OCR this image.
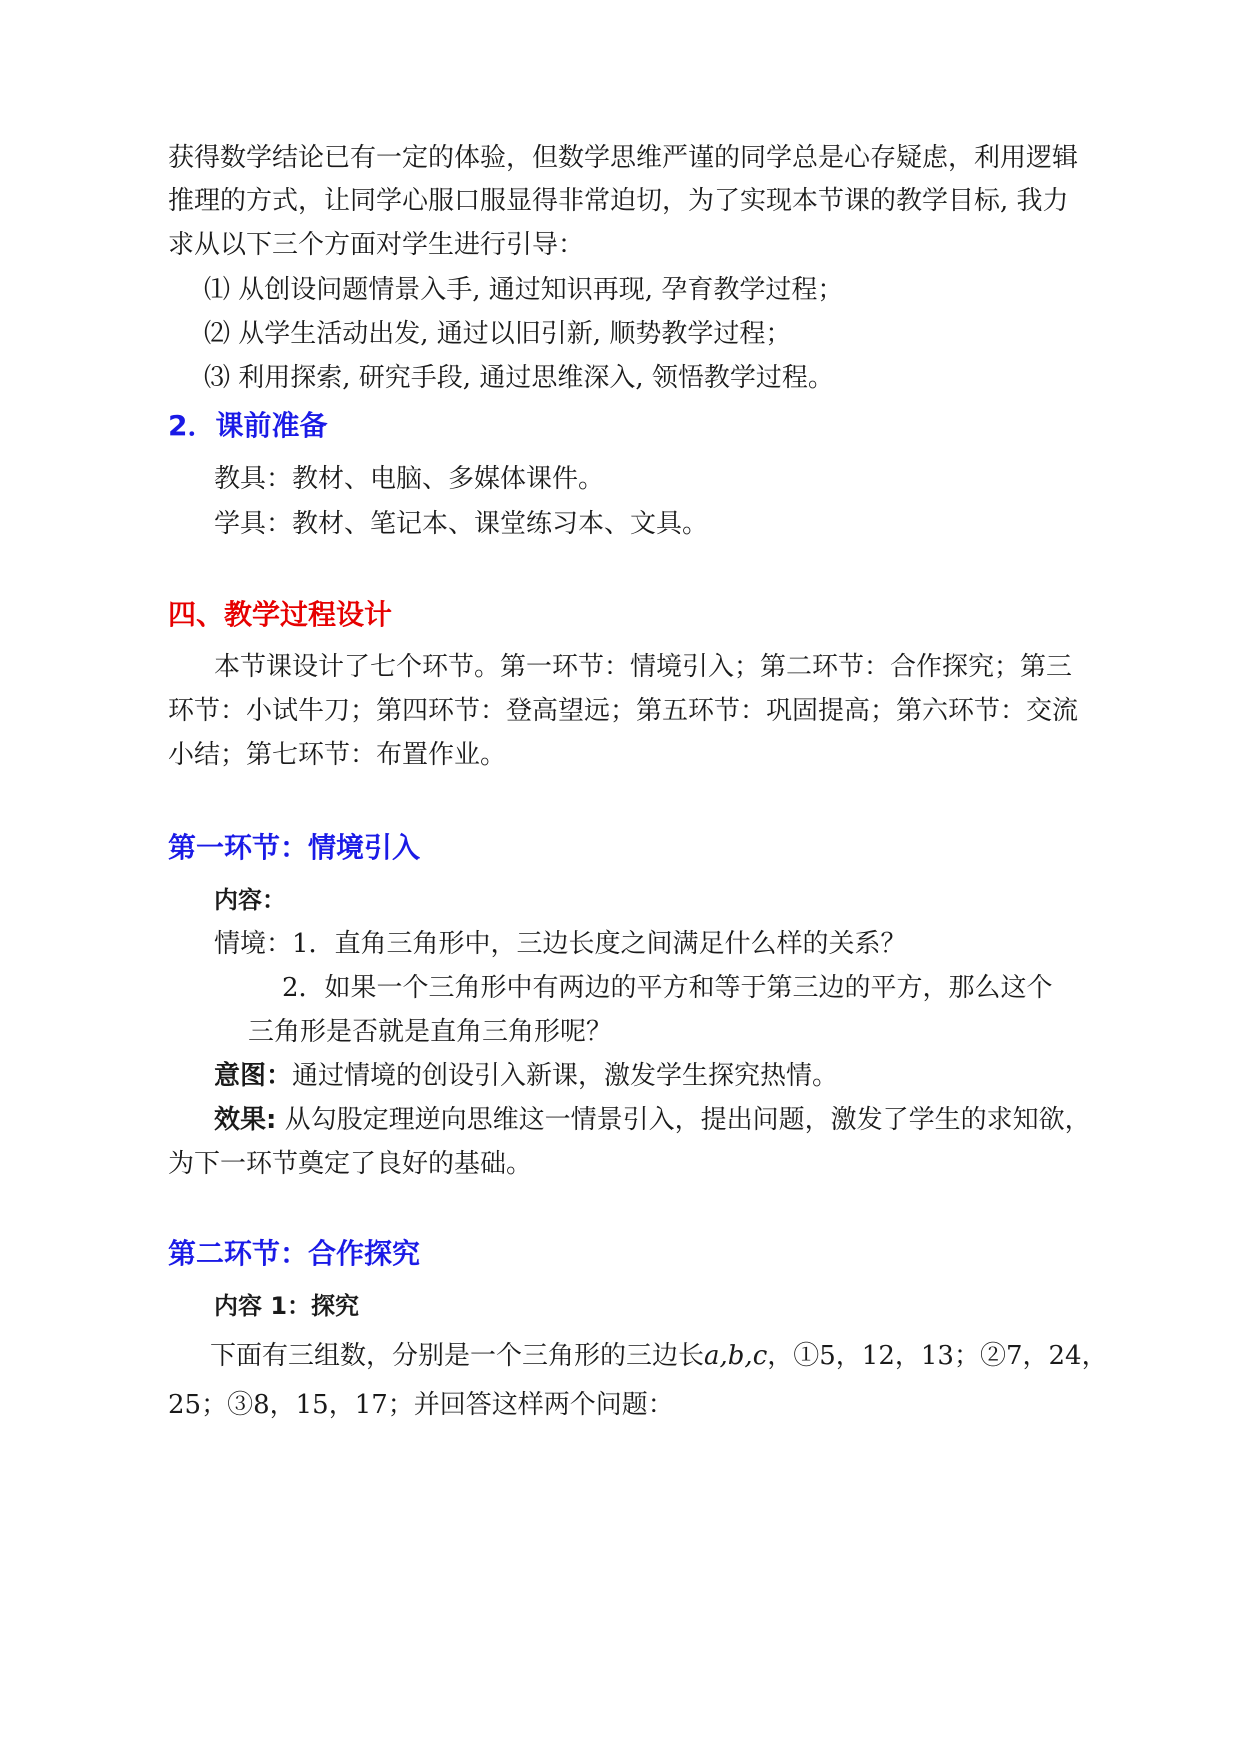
获得数学结论已有一定的体验，但数学思维严谨的同学总是心存疑虑，利用逻辑
推理的方式，让同学心服口服显得非常迫切，为了实现本节课的教学目标, 我力
求从以下三个方面对学生进行引导：
⑴ 从创设问题情景入手, 通过知识再现, 孕育教学过程；
⑵ 从学生活动出发, 通过以旧引新, 顺势教学过程；
⑶ 利用探索, 研究手段, 通过思维深入, 领悟教学过程。
2．课前准备
教具：教材、电脑、多媒体课件。
学具：教材、笔记本、课堂练习本、文具。
四、教学过程设计
本节课设计了七个环节。第一环节：情境引入；第二环节：合作探究；第三
环节：小试牛刀；第四环节：登高望远；第五环节：巩固提高；第六环节：交流
小结；第七环节：布置作业。
第一环节：情境引入
内容：
情境：1．直角三角形中，三边长度之间满足什么样的关系？
2．如果一个三角形中有两边的平方和等于第三边的平方，那么这个
三角形是否就是直角三角形呢？
意图：通过情境的创设引入新课，激发学生探究热情。
效果: 从勾股定理逆向思维这一情景引入，提出问题，激发了学生的求知欲，
为下一环节奠定了良好的基础。
第二环节：合作探究
内容 1：探究
下面有三组数，分别是一个三角形的三边长a,b,c，①5，12，13；②7，24，
25；③8，15，17；并回答这样两个问题：
